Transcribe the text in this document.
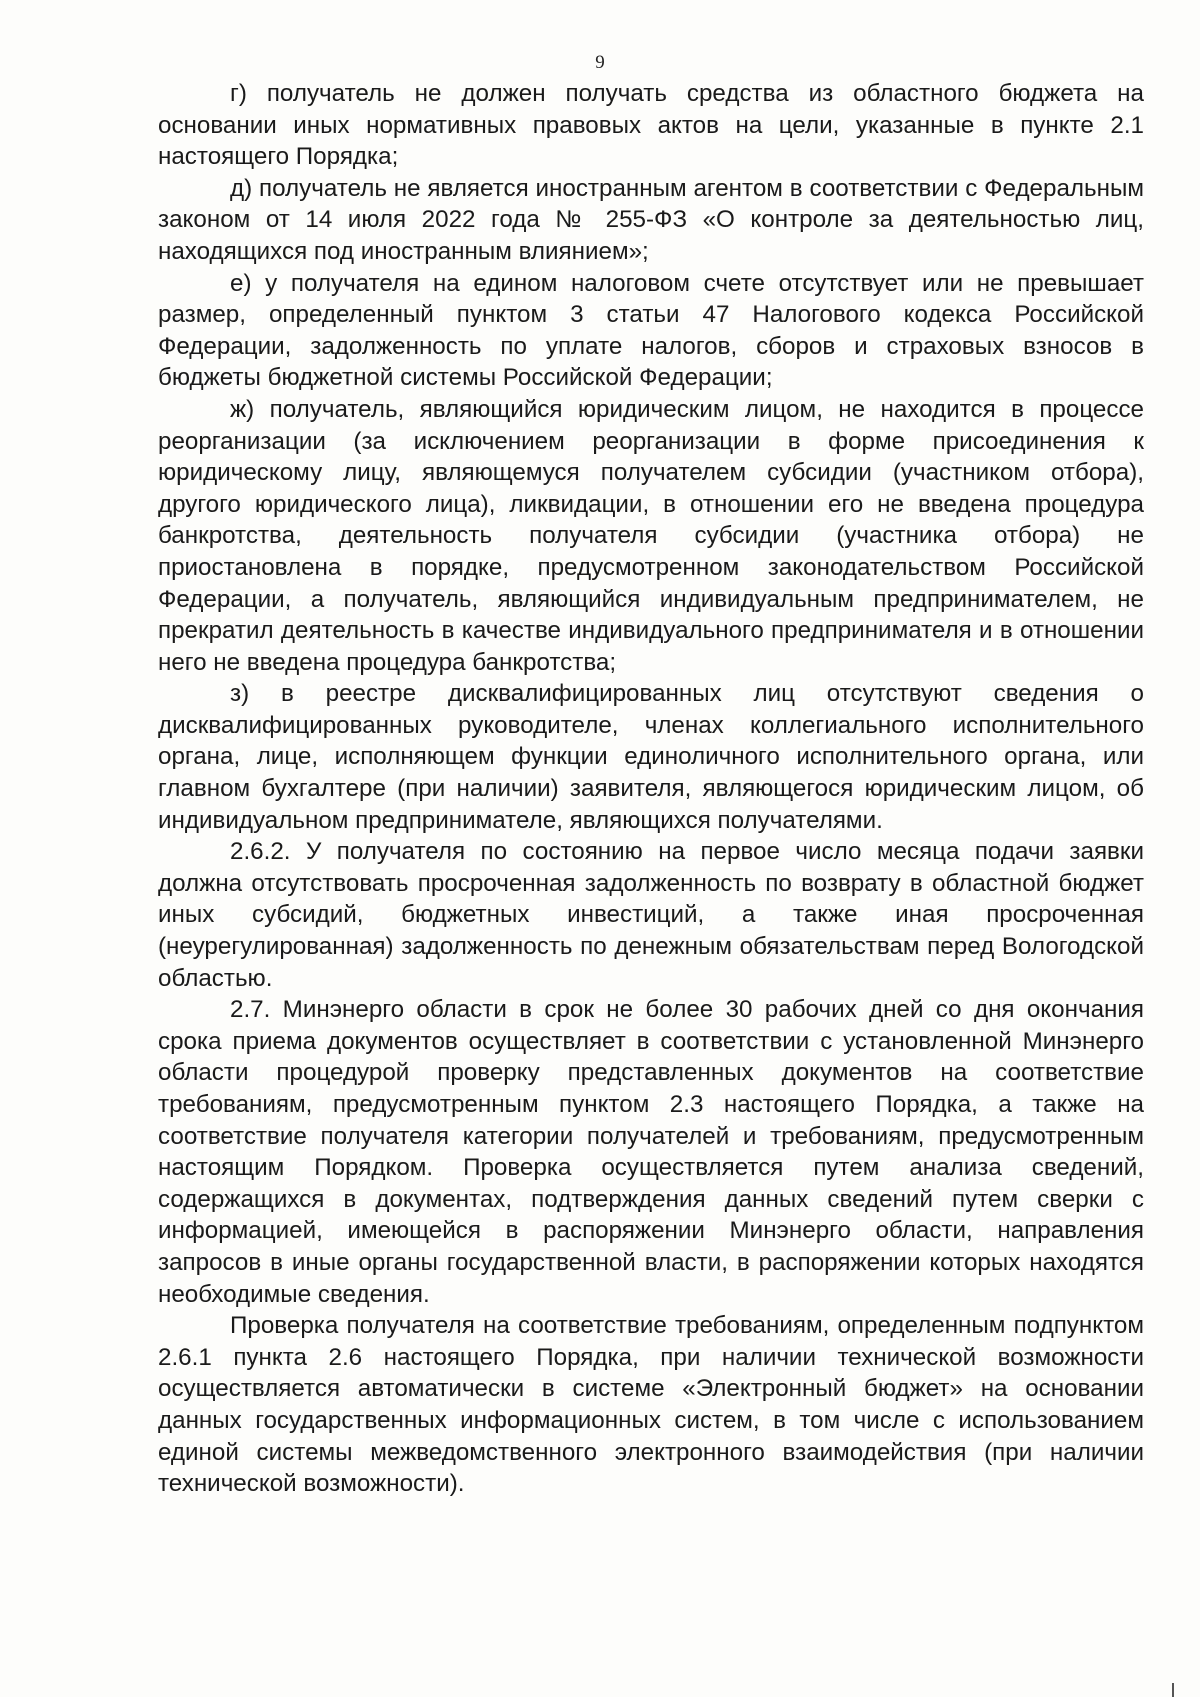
9

г) получатель не должен получать средства из областного бюджета на основании иных нормативных правовых актов на цели, указанные в пункте 2.1 настоящего Порядка;

д) получатель не является иностранным агентом в соответствии с Федеральным законом от 14 июля 2022 года № 255-ФЗ «О контроле за деятельностью лиц, находящихся под иностранным влиянием»;

е) у получателя на едином налоговом счете отсутствует или не превышает размер, определенный пунктом 3 статьи 47 Налогового кодекса Российской Федерации, задолженность по уплате налогов, сборов и страховых взносов в бюджеты бюджетной системы Российской Федерации;

ж) получатель, являющийся юридическим лицом, не находится в процессе реорганизации (за исключением реорганизации в форме присоединения к юридическому лицу, являющемуся получателем субсидии (участником отбора), другого юридического лица), ликвидации, в отношении его не введена процедура банкротства, деятельность получателя субсидии (участника отбора) не приостановлена в порядке, предусмотренном законодательством Российской Федерации, а получатель, являющийся индивидуальным предпринимателем, не прекратил деятельность в качестве индивидуального предпринимателя и в отношении него не введена процедура банкротства;

з) в реестре дисквалифицированных лиц отсутствуют сведения о дисквалифицированных руководителе, членах коллегиального исполнительного органа, лице, исполняющем функции единоличного исполнительного органа, или главном бухгалтере (при наличии) заявителя, являющегося юридическим лицом, об индивидуальном предпринимателе, являющихся получателями.

2.6.2. У получателя по состоянию на первое число месяца подачи заявки должна отсутствовать просроченная задолженность по возврату в областной бюджет иных субсидий, бюджетных инвестиций, а также иная просроченная (неурегулированная) задолженность по денежным обязательствам перед Вологодской областью.

2.7. Минэнерго области в срок не более 30 рабочих дней со дня окончания срока приема документов осуществляет в соответствии с установленной Минэнерго области процедурой проверку представленных документов на соответствие требованиям, предусмотренным пунктом 2.3 настоящего Порядка, а также на соответствие получателя категории получателей и требованиям, предусмотренным настоящим Порядком. Проверка осуществляется путем анализа сведений, содержащихся в документах, подтверждения данных сведений путем сверки с информацией, имеющейся в распоряжении Минэнерго области, направления запросов в иные органы государственной власти, в распоряжении которых находятся необходимые сведения.

Проверка получателя на соответствие требованиям, определенным подпунктом 2.6.1 пункта 2.6 настоящего Порядка, при наличии технической возможности осуществляется автоматически в системе «Электронный бюджет» на основании данных государственных информационных систем, в том числе с использованием единой системы межведомственного электронного взаимодействия (при наличии технической возможности).
